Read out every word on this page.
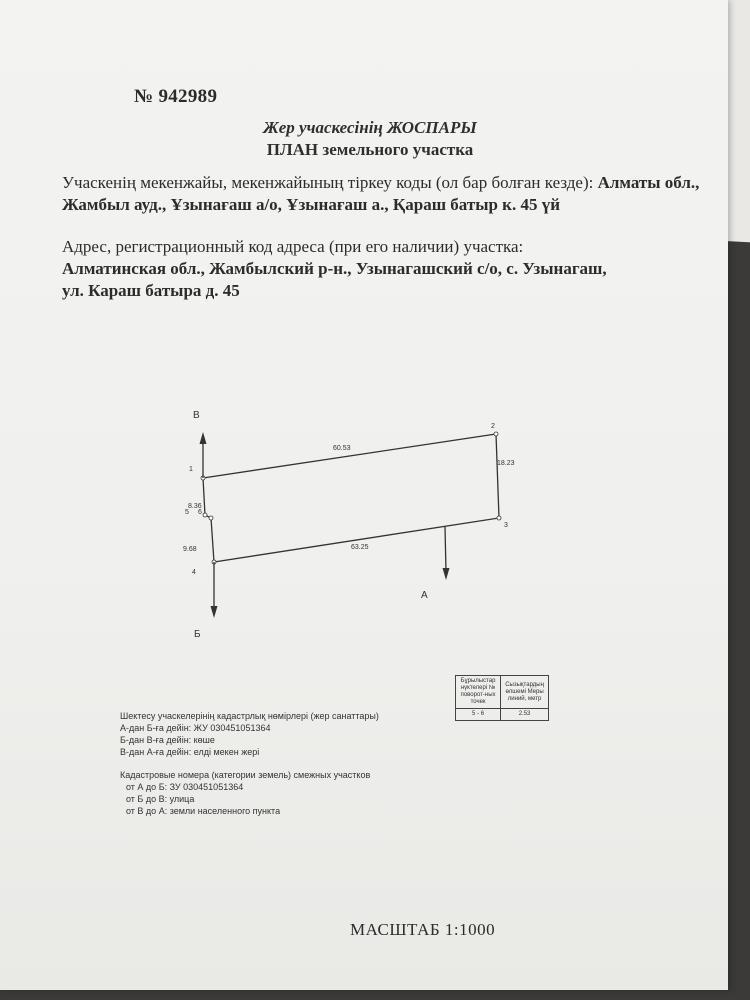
№ 942989
Жер учаскесінің ЖОСПАРЫ
ПЛАН земельного участка
Учаскенің мекенжайы, мекенжайының тіркеу коды (ол бар болған кезде): Алматы обл., Жамбыл ауд., Ұзынағаш а/о, Ұзынағаш а., Қараш батыр к. 45 үй
Адрес, регистрационный код адреса (при его наличии) участка:
Алматинская обл., Жамбылский р-н., Узынагашский с/о, с. Узынагаш,
ул. Караш батыра д. 45
В
Б
А
1
2
3
4
5 6
60.53
18.23
63.25
9.68
8.36
Шектесу учаскелерінің кадастрлық нөмірлері (жер санаттары)
А-дан Б-ға дейін: ЖУ 030451051364
Б-дан В-ға дейін: көше
В-дан А-ға дейін: елді мекен жері
Кадастровые номера (категории земель) смежных участков
от А до Б: ЗУ 030451051364
от Б до В: улица
от В до А: земли населенного пункта
Бұрылыстар нүктелері № поворот-ных точек	Сызықтардың өлшемі Меры линий, метр
5 - 6	2.53
МАСШТАБ 1:1000
